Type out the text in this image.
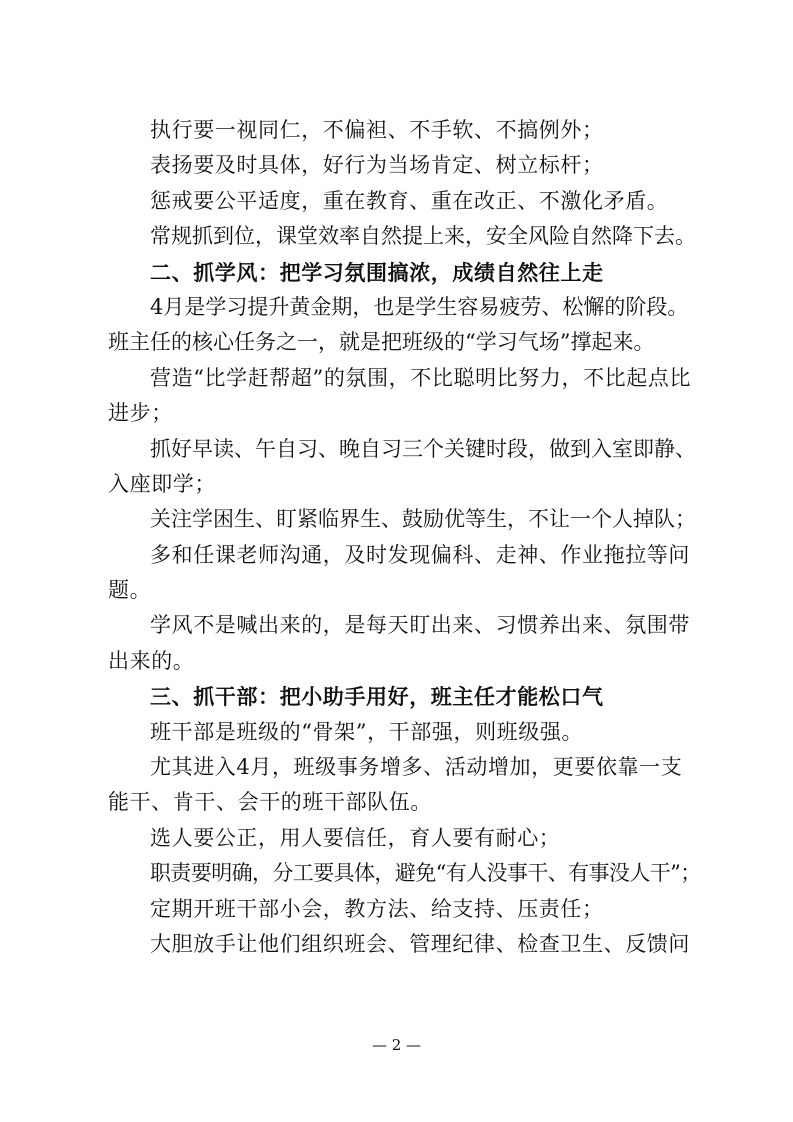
执行要一视同仁，不偏袒、不手软、不搞例外；
表扬要及时具体，好行为当场肯定、树立标杆；
惩戒要公平适度，重在教育、重在改正、不激化矛盾。
常规抓到位，课堂效率自然提上来，安全风险自然降下去。
二、抓学风：把学习氛围搞浓，成绩自然往上走
4月是学习提升黄金期，也是学生容易疲劳、松懈的阶段。
班主任的核心任务之一，就是把班级的“学习气场”撑起来。
营造“比学赶帮超”的氛围，不比聪明比努力，不比起点比
进步；
抓好早读、午自习、晚自习三个关键时段，做到入室即静、
入座即学；
关注学困生、盯紧临界生、鼓励优等生，不让一个人掉队；
多和任课老师沟通，及时发现偏科、走神、作业拖拉等问
题。
学风不是喊出来的，是每天盯出来、习惯养出来、氛围带
出来的。
三、抓干部：把小助手用好，班主任才能松口气
班干部是班级的“骨架”，干部强，则班级强。
尤其进入4月，班级事务增多、活动增加，更要依靠一支
能干、肯干、会干的班干部队伍。
选人要公正，用人要信任，育人要有耐心；
职责要明确，分工要具体，避免“有人没事干、有事没人干”；
定期开班干部小会，教方法、给支持、压责任；
大胆放手让他们组织班会、管理纪律、检查卫生、反馈问
— 2 —
